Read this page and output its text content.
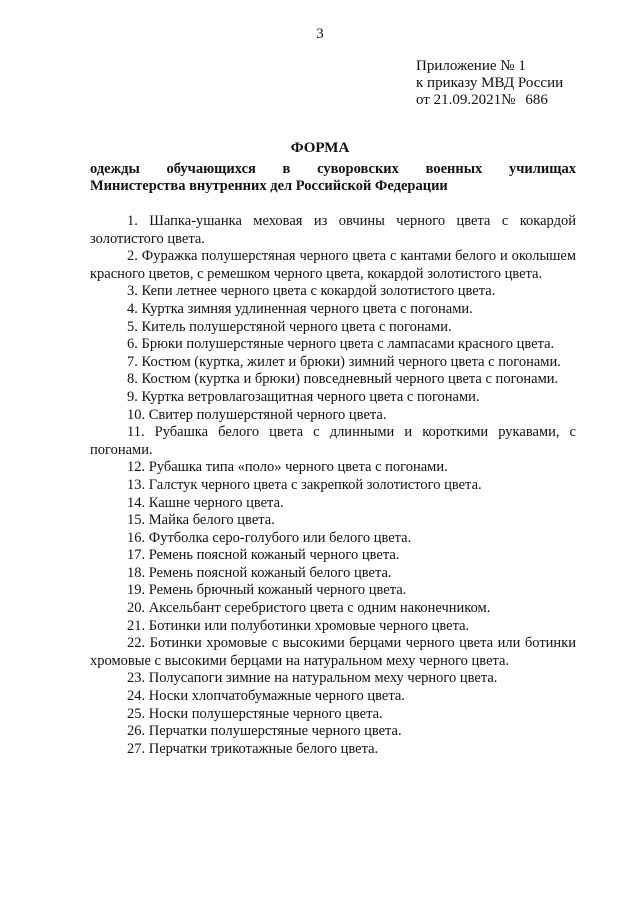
3
Приложение № 1
к приказу МВД России
от 21.09.2021№ 686
ФОРМА
одежды обучающихся в суворовских военных училищах
Министерства внутренних дел Российской Федерации
1. Шапка-ушанка меховая из овчины черного цвета с кокардой золотистого цвета.
2. Фуражка полушерстяная черного цвета с кантами белого и околышем красного цветов, с ремешком черного цвета, кокардой золотистого цвета.
3. Кепи летнее черного цвета с кокардой золотистого цвета.
4. Куртка зимняя удлиненная черного цвета с погонами.
5. Китель полушерстяной черного цвета с погонами.
6. Брюки полушерстяные черного цвета с лампасами красного цвета.
7. Костюм (куртка, жилет и брюки) зимний черного цвета с погонами.
8. Костюм (куртка и брюки) повседневный черного цвета с погонами.
9. Куртка ветровлагозащитная черного цвета с погонами.
10. Свитер полушерстяной черного цвета.
11. Рубашка белого цвета с длинными и короткими рукавами, с погонами.
12. Рубашка типа «поло» черного цвета с погонами.
13. Галстук черного цвета с закрепкой золотистого цвета.
14. Кашне черного цвета.
15. Майка белого цвета.
16. Футболка серо-голубого или белого цвета.
17. Ремень поясной кожаный черного цвета.
18. Ремень поясной кожаный белого цвета.
19. Ремень брючный кожаный черного цвета.
20. Аксельбант серебристого цвета с одним наконечником.
21. Ботинки или полуботинки хромовые черного цвета.
22. Ботинки хромовые с высокими берцами черного цвета или ботинки хромовые с высокими берцами на натуральном меху черного цвета.
23. Полусапоги зимние на натуральном меху черного цвета.
24. Носки хлопчатобумажные черного цвета.
25. Носки полушерстяные черного цвета.
26. Перчатки полушерстяные черного цвета.
27. Перчатки трикотажные белого цвета.
